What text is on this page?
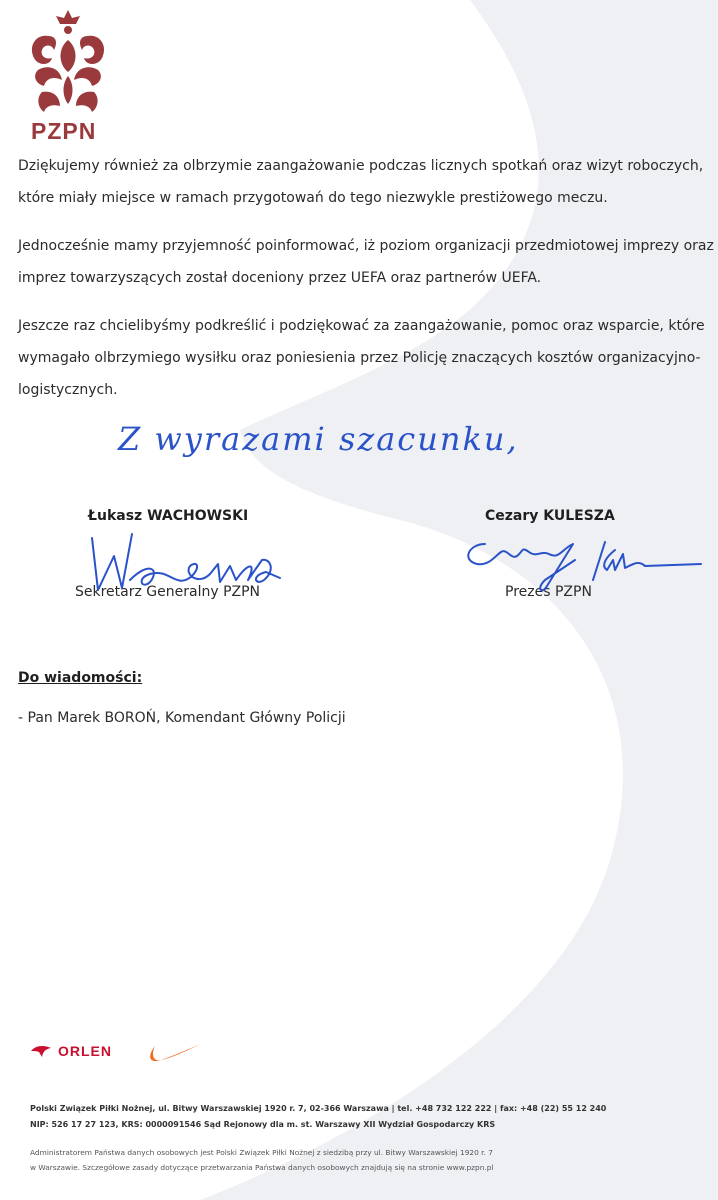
PZPN
Dziękujemy również za olbrzymie zaangażowanie podczas licznych spotkań oraz wizyt roboczych, które miały miejsce w ramach przygotowań do tego niezwykle prestiżowego meczu.
Jednocześnie mamy przyjemność poinformować, iż poziom organizacji przedmiotowej imprezy oraz imprez towarzyszących został doceniony przez UEFA oraz partnerów UEFA.
Jeszcze raz chcielibyśmy podkreślić i podziękować za zaangażowanie, pomoc oraz wsparcie, które wymagało olbrzymiego wysiłku oraz poniesienia przez Policję znaczących kosztów organizacyjno-logistycznych.
Z wyrazami szacunku,
Łukasz WACHOWSKI
Sekretarz Generalny PZPN
Cezary KULESZA
Prezes PZPN
Do wiadomości:
- Pan Marek BOROŃ, Komendant Główny Policji
ORLEN
Polski Związek Piłki Nożnej, ul. Bitwy Warszawskiej 1920 r. 7, 02-366 Warszawa | tel. +48 732 122 222 | fax: +48 (22) 55 12 240
NIP: 526 17 27 123, KRS: 0000091546 Sąd Rejonowy dla m. st. Warszawy XII Wydział Gospodarczy KRS
Administratorem Państwa danych osobowych jest Polski Związek Piłki Nożnej z siedzibą przy ul. Bitwy Warszawskiej 1920 r. 7
w Warszawie. Szczegółowe zasady dotyczące przetwarzania Państwa danych osobowych znajdują się na stronie www.pzpn.pl
